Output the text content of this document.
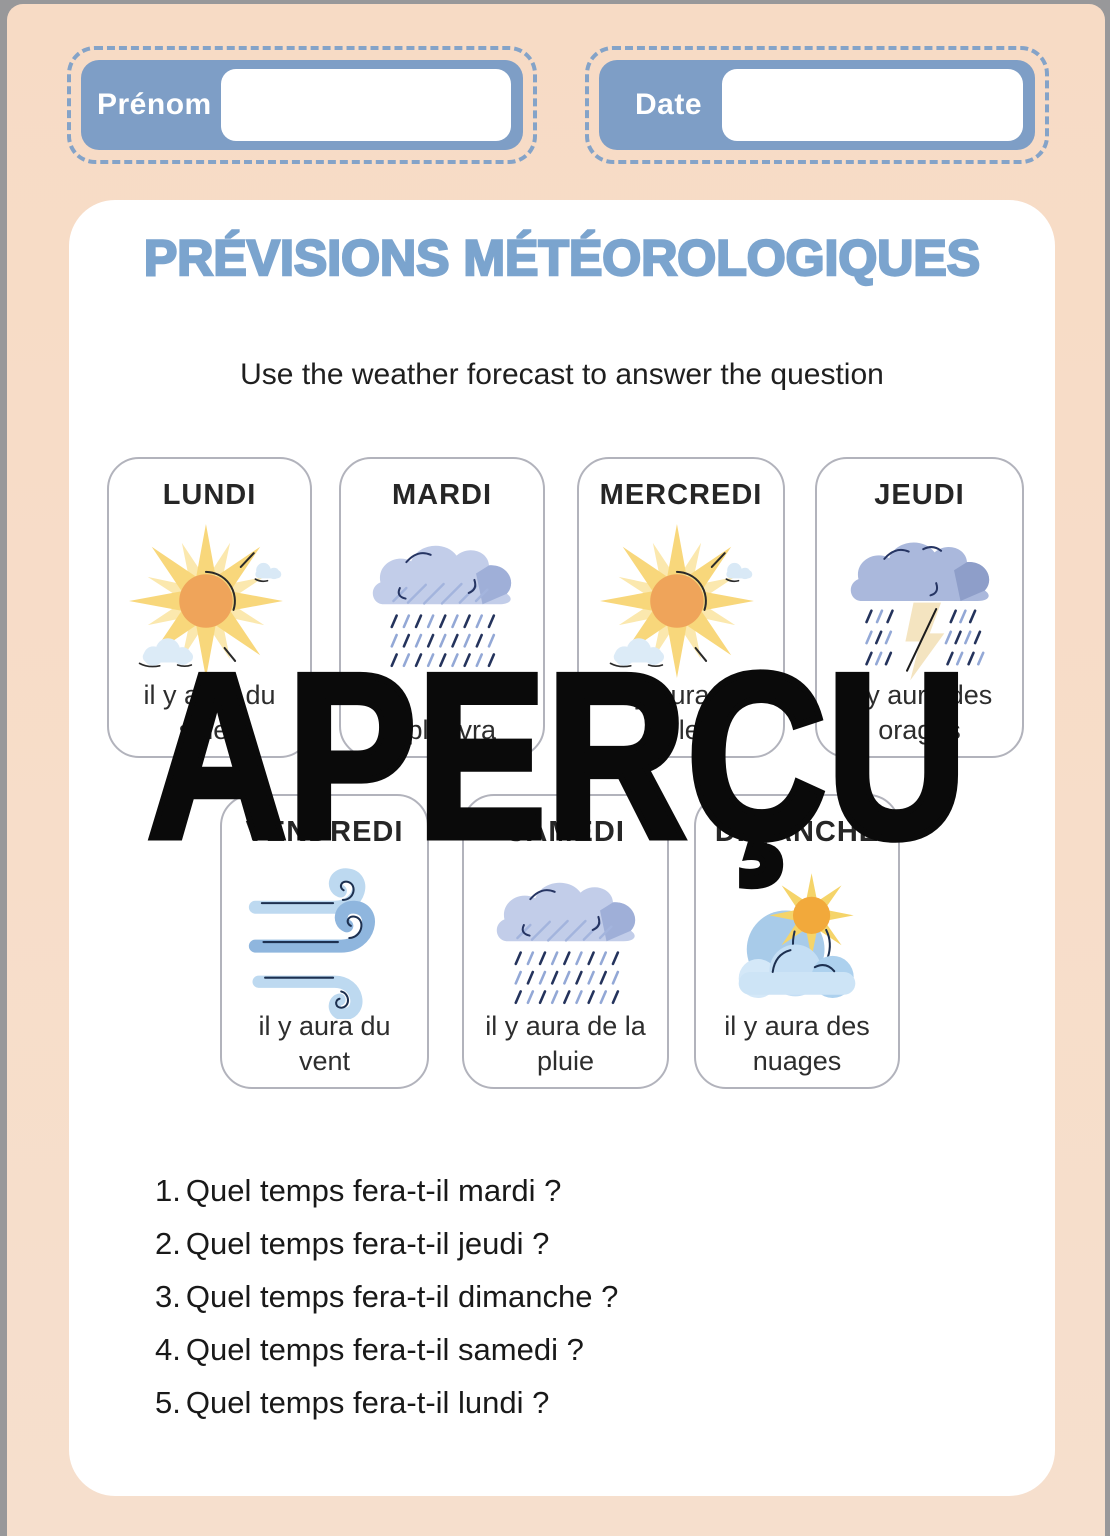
Prénom	Date
PRÉVISIONS MÉTÉOROLOGIQUES
Use the weather forecast to answer the question
LUNDI
il y aura du soleil
MARDI
il pleuvra
MERCREDI
il y aura du soleil
JEUDI
il y aura des orages
VENDREDI
il y aura du vent
SAMEDI
il y aura de la pluie
DIMANCHE
il y aura des nuages
1. Quel temps fera-t-il mardi ?
2. Quel temps fera-t-il jeudi ?
3. Quel temps fera-t-il dimanche ?
4. Quel temps fera-t-il samedi ?
5. Quel temps fera-t-il lundi ?
APERÇU
